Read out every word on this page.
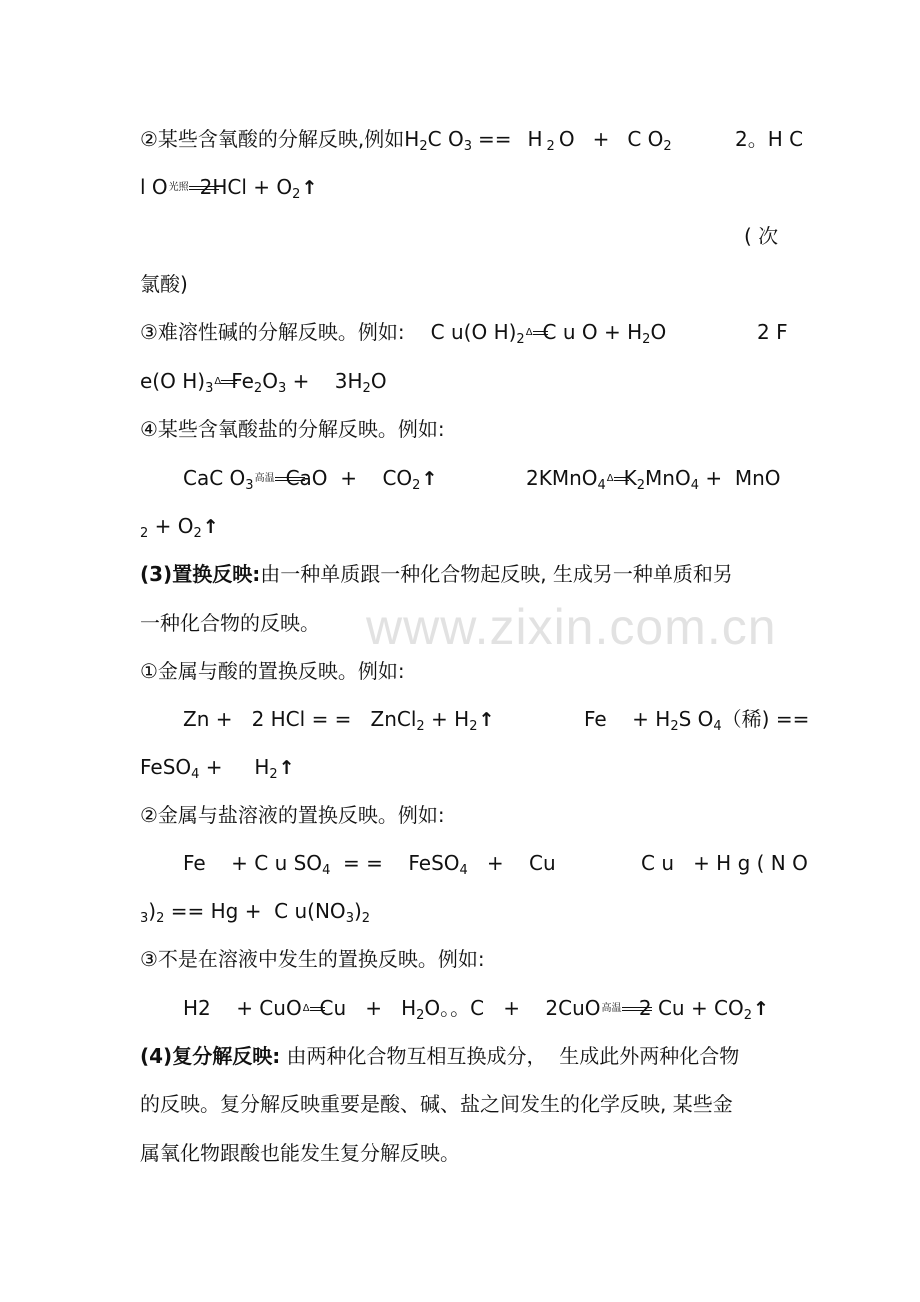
②某些含氧酸的分解反映,例如$H_2C$ $O_3==H$ $_2$ O + C $O_2$	2。H C
l O光照 $2HCl + O_2↑$
( 次
氯酸)
③难溶性碱的分解反映。例如: C u(O $H)_2\Delta$ C u $O + H_2O$	2 F
e(O $H)_3\Delta$ $Fe_2O_3$ +    $3H_2O$
④某些含氧酸盐的分解反映。例如:
CaC $O_3$高温 CaO  +    $CO_2↑$	2KMnO$_4$Δ $K_2MnO_4$ +  MnO
$_2 + O_2↑$
(3)置换反映:由一种单质跟一种化合物起反映, 生成另一种单质和另
一种化合物的反映。
①金属与酸的置换反映。例如:
Zn +   2 HCl = =   ZnCl$_2$ + $H_2↑$	Fe    + $H_2S$ $O_4$（稀) ==
FeSO$_4$ +     $H_2↑$
②金属与盐溶液的置换反映。例如:
Fe    + C u $SO_4$  = =    FeSO$_4$   +    Cu	C u   + H g ( N O
$_3)_2 == Hg + C$ $u(NO_3)_2$
③不是在溶液中发生的置换反映。例如:
H2    + CuOΔ $Cu + H_2O$。。C   +    2CuO高温 2 $Cu + CO_2↑$
(4)复分解反映: 由两种化合物互相互换成分，  生成此外两种化合物
的反映。复分解反映重要是酸、碱、盐之间发生的化学反映, 某些金
属氧化物跟酸也能发生复分解反映。
www.zixin.com.cn
